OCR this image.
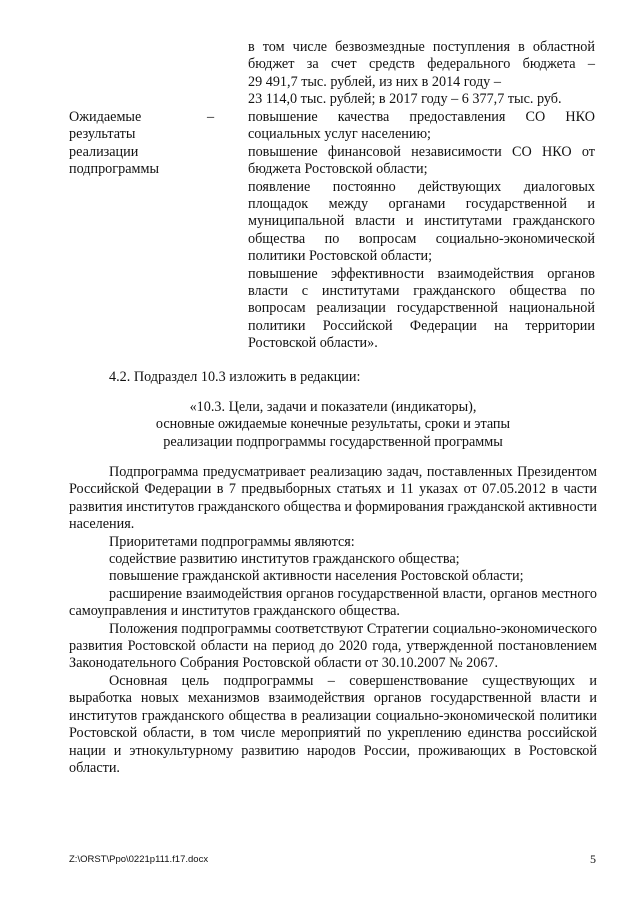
в том числе безвозмездные поступления в областной
бюджет за счет средств федерального бюджета –
29 491,7 тыс. рублей, из них в 2014 году –
23 114,0 тыс. рублей; в 2017 году – 6 377,7 тыс. руб.
Ожидаемые результаты реализации подпрограммы
– повышение качества предоставления СО НКО социальных услуг населению;

повышение финансовой независимости СО НКО от бюджета Ростовской области;

появление постоянно действующих диалоговых площадок между органами государственной и муниципальной власти и институтами гражданского общества по вопросам социально-экономической политики Ростовской области;

повышение эффективности взаимодействия органов власти с институтами гражданского общества по вопросам реализации государственной национальной политики Российской Федерации на территории Ростовской области».

4.2. Подраздел 10.3 изложить в редакции:
«10.3. Цели, задачи и показатели (индикаторы),
основные ожидаемые конечные результаты, сроки и этапы
реализации подпрограммы государственной программы

Подпрограмма предусматривает реализацию задач, поставленных Президентом Российской Федерации в 7 предвыборных статьях и 11 указах от 07.05.2012 в части развития институтов гражданского общества и формирования гражданской активности населения.

Приоритетами подпрограммы являются:

содействие развитию институтов гражданского общества;

повышение гражданской активности населения Ростовской области;

расширение взаимодействия органов государственной власти, органов местного самоуправления и институтов гражданского общества.

Положения подпрограммы соответствуют Стратегии социально-экономического развития Ростовской области на период до 2020 года, утвержденной постановлением Законодательного Собрания Ростовской области от 30.10.2007 № 2067.

Основная цель подпрограммы – совершенствование существующих и выработка новых механизмов взаимодействия органов государственной власти и институтов гражданского общества в реализации социально-экономической политики Ростовской области, в том числе мероприятий по укреплению единства российской нации и этнокультурному развитию народов России, проживающих в Ростовской области.

Z:\ORST\Ppo\0221p111.f17.docx	5
